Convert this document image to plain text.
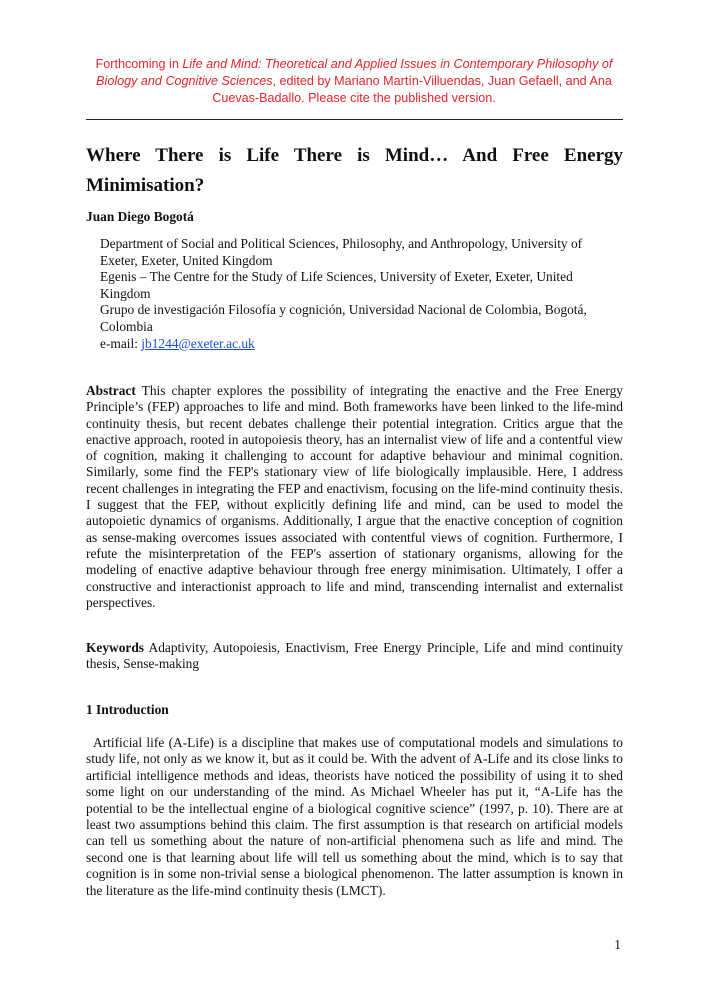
Forthcoming in Life and Mind: Theoretical and Applied Issues in Contemporary Philosophy of Biology and Cognitive Sciences, edited by Mariano Martín-Villuendas, Juan Gefaell, and Ana Cuevas-Badallo. Please cite the published version.
Where There is Life There is Mind… And Free Energy
Minimisation?
Juan Diego Bogotá
Department of Social and Political Sciences, Philosophy, and Anthropology, University of Exeter, Exeter, United Kingdom
Egenis – The Centre for the Study of Life Sciences, University of Exeter, Exeter, United Kingdom
Grupo de investigación Filosofía y cognición, Universidad Nacional de Colombia, Bogotá, Colombia
e-mail: jb1244@exeter.ac.uk

Abstract This chapter explores the possibility of integrating the enactive and the Free Energy Principle’s (FEP) approaches to life and mind. Both frameworks have been linked to the life-mind continuity thesis, but recent debates challenge their potential integration. Critics argue that the enactive approach, rooted in autopoiesis theory, has an internalist view of life and a contentful view of cognition, making it challenging to account for adaptive behaviour and minimal cognition. Similarly, some find the FEP's stationary view of life biologically implausible. Here, I address recent challenges in integrating the FEP and enactivism, focusing on the life-mind continuity thesis. I suggest that the FEP, without explicitly defining life and mind, can be used to model the autopoietic dynamics of organisms. Additionally, I argue that the enactive conception of cognition as sense-making overcomes issues associated with contentful views of cognition. Furthermore, I refute the misinterpretation of the FEP's assertion of stationary organisms, allowing for the modeling of enactive adaptive behaviour through free energy minimisation. Ultimately, I offer a constructive and interactionist approach to life and mind, transcending internalist and externalist perspectives.

Keywords Adaptivity, Autopoiesis, Enactivism, Free Energy Principle, Life and mind continuity thesis, Sense-making

1 Introduction

Artificial life (A-Life) is a discipline that makes use of computational models and simulations to study life, not only as we know it, but as it could be. With the advent of A-Life and its close links to artificial intelligence methods and ideas, theorists have noticed the possibility of using it to shed some light on our understanding of the mind. As Michael Wheeler has put it, “A-Life has the potential to be the intellectual engine of a biological cognitive science” (1997, p. 10). There are at least two assumptions behind this claim. The first assumption is that research on artificial models can tell us something about the nature of non-artificial phenomena such as life and mind. The second one is that learning about life will tell us something about the mind, which is to say that cognition is in some non-trivial sense a biological phenomenon. The latter assumption is known in the literature as the life-mind continuity thesis (LMCT).

1
